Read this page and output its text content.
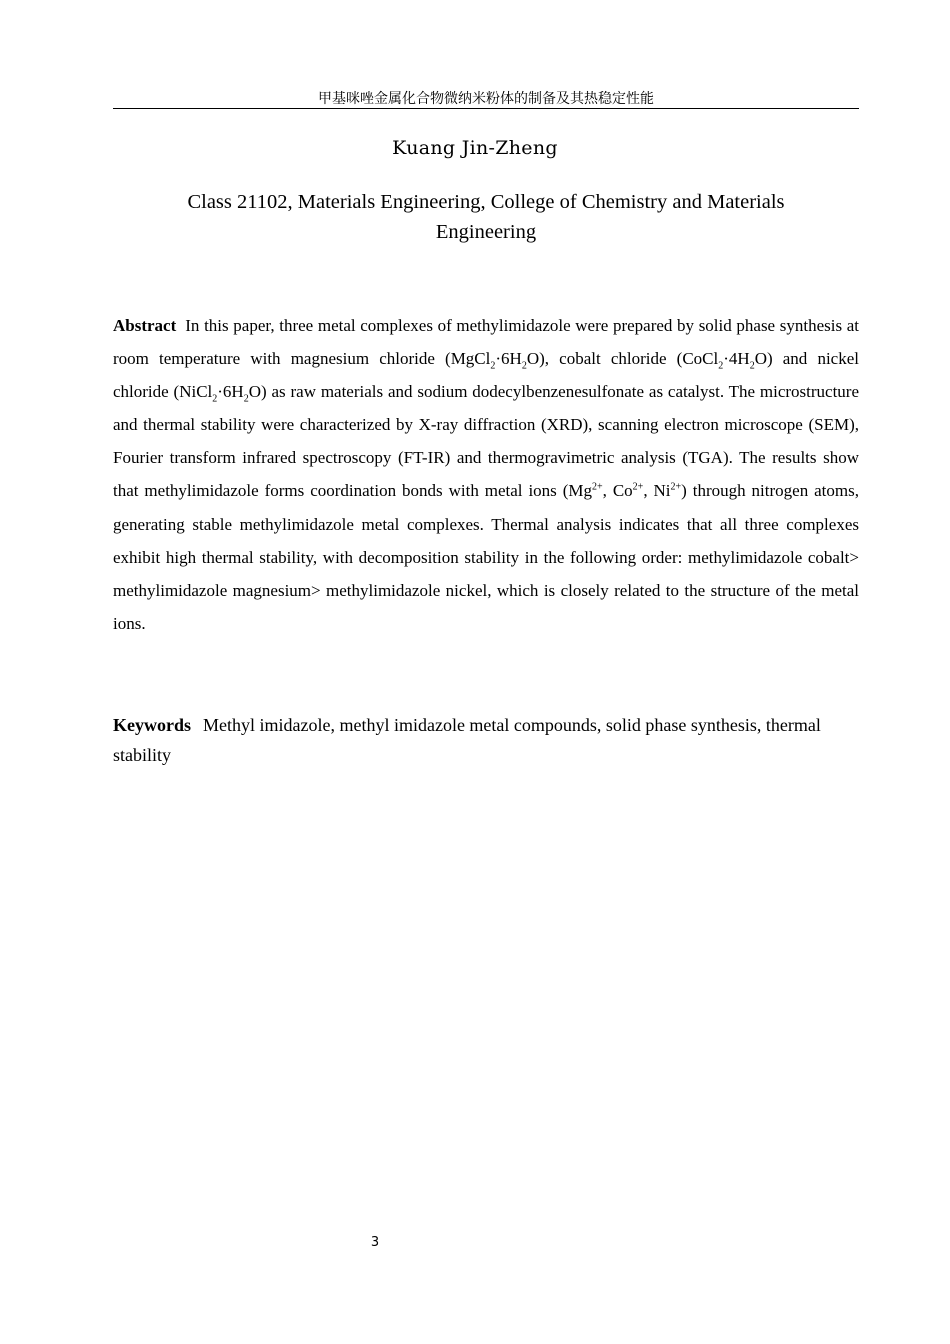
甲基咪唑金属化合物微纳米粉体的制备及其热稳定性能
Kuang Jin-Zheng
Class 21102, Materials Engineering, College of Chemistry and Materials Engineering
Abstract In this paper, three metal complexes of methylimidazole were prepared by solid phase synthesis at room temperature with magnesium chloride $(MgCl_2\cdot 6H_2O)$, cobalt chloride $(CoCl_2\cdot 4H_2O)$ and nickel chloride $(NiCl_2\cdot 6H_2O)$ as raw materials and sodium dodecylbenzenesulfonate as catalyst. The microstructure and thermal stability were characterized by X-ray diffraction (XRD), scanning electron microscope (SEM), Fourier transform infrared spectroscopy (FT-IR) and thermogravimetric analysis (TGA). The results show that methylimidazole forms coordination bonds with metal ions ($Mg^{2+}$, $Co^{2+}$, $Ni^{2+}$) through nitrogen atoms, generating stable methylimidazole metal complexes. Thermal analysis indicates that all three complexes exhibit high thermal stability, with decomposition stability in the following order: methylimidazole cobalt> methylimidazole magnesium> methylimidazole nickel, which is closely related to the structure of the metal ions.
Keywords Methyl imidazole, methyl imidazole metal compounds, solid phase synthesis, thermal stability
3
